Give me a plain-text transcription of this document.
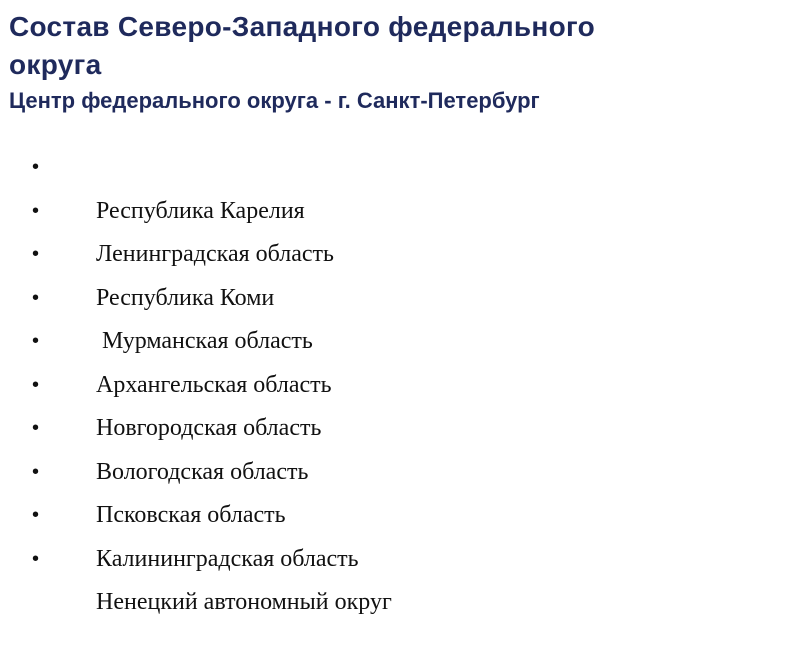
Состав Северо-Западного федерального
округа
Центр федерального округа - г. Санкт-Петербург

•
Республика Карелия

•
Ленинградская область

•
Республика Коми

•
Мурманская область

•
Архангельская область

•
Новгородская область

•
Вологодская область

•
Псковская область

•
Калининградская область

•
Ненецкий автономный округ
